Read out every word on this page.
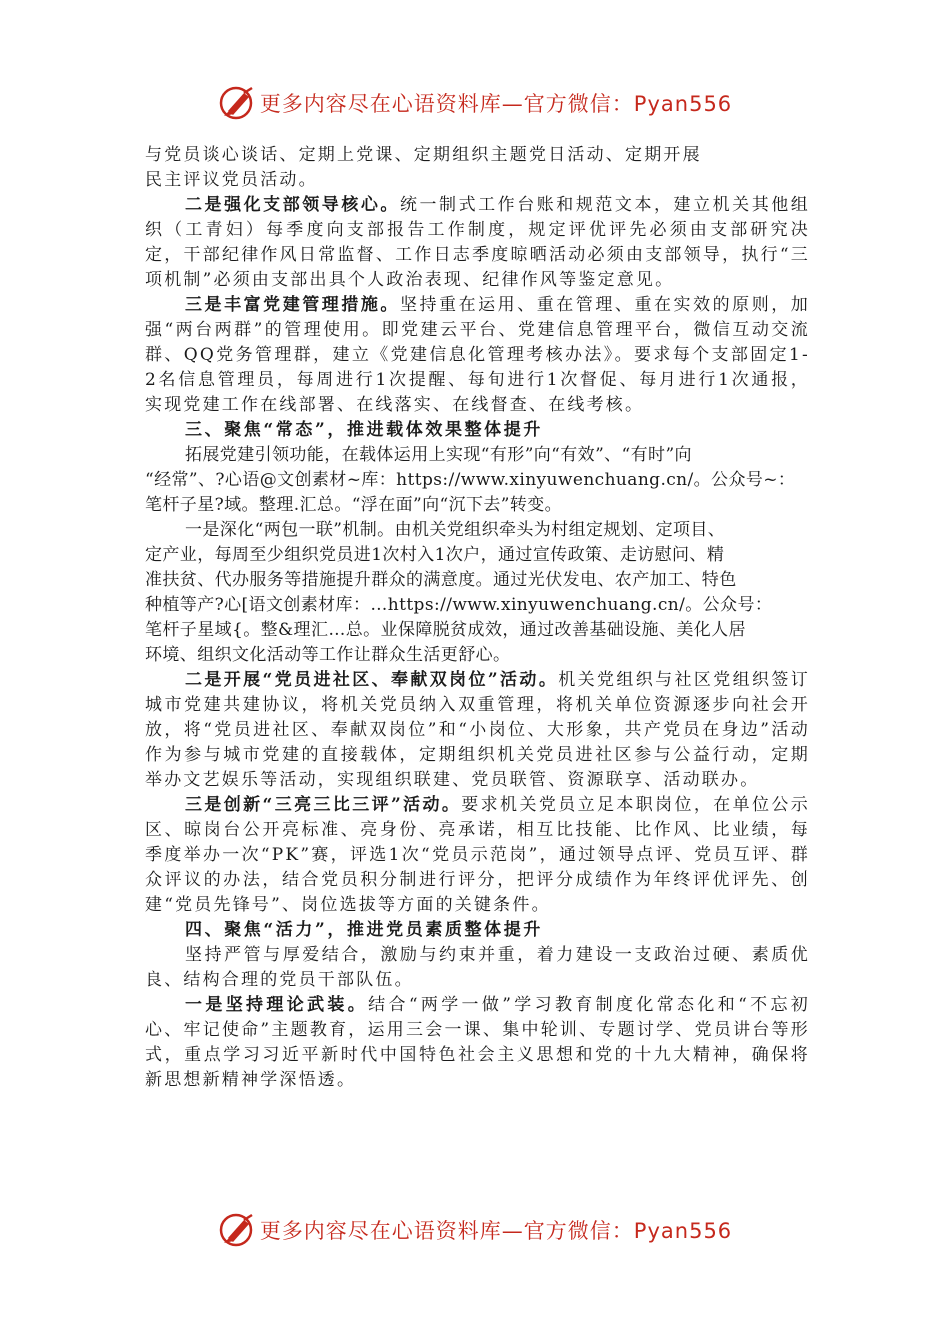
更多内容尽在心语资料库—官方微信：Pyan556

与党员谈心谈话、定期上党课、定期组织主题党日活动、定期开展
民主评议党员活动。

二是强化支部领导核心。统一制式工作台账和规范文本，建立机关其他组织（工青妇）每季度向支部报告工作制度，规定评优评先必须由支部研究决定，干部纪律作风日常监督、工作日志季度晾晒活动必须由支部领导，执行“三项机制”必须由支部出具个人政治表现、纪律作风等鉴定意见。

三是丰富党建管理措施。坚持重在运用、重在管理、重在实效的原则，加强“两台两群”的管理使用。即党建云平台、党建信息管理平台，微信互动交流群、QQ党务管理群，建立《党建信息化管理考核办法》。要求每个支部固定1-2名信息管理员，每周进行1次提醒、每旬进行1次督促、每月进行1次通报，实现党建工作在线部署、在线落实、在线督查、在线考核。

三、聚焦“常态”，推进载体效果整体提升

拓展党建引领功能，在载体运用上实现“有形”向“有效”、“有时”向
“经常”、?心语@文创素材~库：https://www.xinyuwenchuang.cn/。公众号~：
笔杆子星?域。整理.汇总。“浮在面”向“沉下去”转变。

一是深化“两包一联”机制。由机关党组织牵头为村组定规划、定项目、
定产业，每周至少组织党员进1次村入1次户，通过宣传政策、走访慰问、精
准扶贫、代办服务等措施提升群众的满意度。通过光伏发电、农产加工、特色
种植等产?心[语文创素材库：…https://www.xinyuwenchuang.cn/。公众号：
笔杆子星域{。整&理汇…总。业保障脱贫成效，通过改善基础设施、美化人居
环境、组织文化活动等工作让群众生活更舒心。

二是开展“党员进社区、奉献双岗位”活动。机关党组织与社区党组织签订城市党建共建协议，将机关党员纳入双重管理，将机关单位资源逐步向社会开放，将“党员进社区、奉献双岗位”和“小岗位、大形象，共产党员在身边”活动作为参与城市党建的直接载体，定期组织机关党员进社区参与公益行动，定期举办文艺娱乐等活动，实现组织联建、党员联管、资源联享、活动联办。

三是创新“三亮三比三评”活动。要求机关党员立足本职岗位，在单位公示区、晾岗台公开亮标准、亮身份、亮承诺，相互比技能、比作风、比业绩，每季度举办一次“PK”赛，评选1次“党员示范岗”，通过领导点评、党员互评、群众评议的办法，结合党员积分制进行评分，把评分成绩作为年终评优评先、创建“党员先锋号”、岗位选拔等方面的关键条件。

四、聚焦“活力”，推进党员素质整体提升

坚持严管与厚爱结合，激励与约束并重，着力建设一支政治过硬、素质优良、结构合理的党员干部队伍。

一是坚持理论武装。结合“两学一做”学习教育制度化常态化和“不忘初心、牢记使命”主题教育，运用三会一课、集中轮训、专题讨学、党员讲台等形式，重点学习习近平新时代中国特色社会主义思想和党的十九大精神，确保将新思想新精神学深悟透。

更多内容尽在心语资料库—官方微信：Pyan556
